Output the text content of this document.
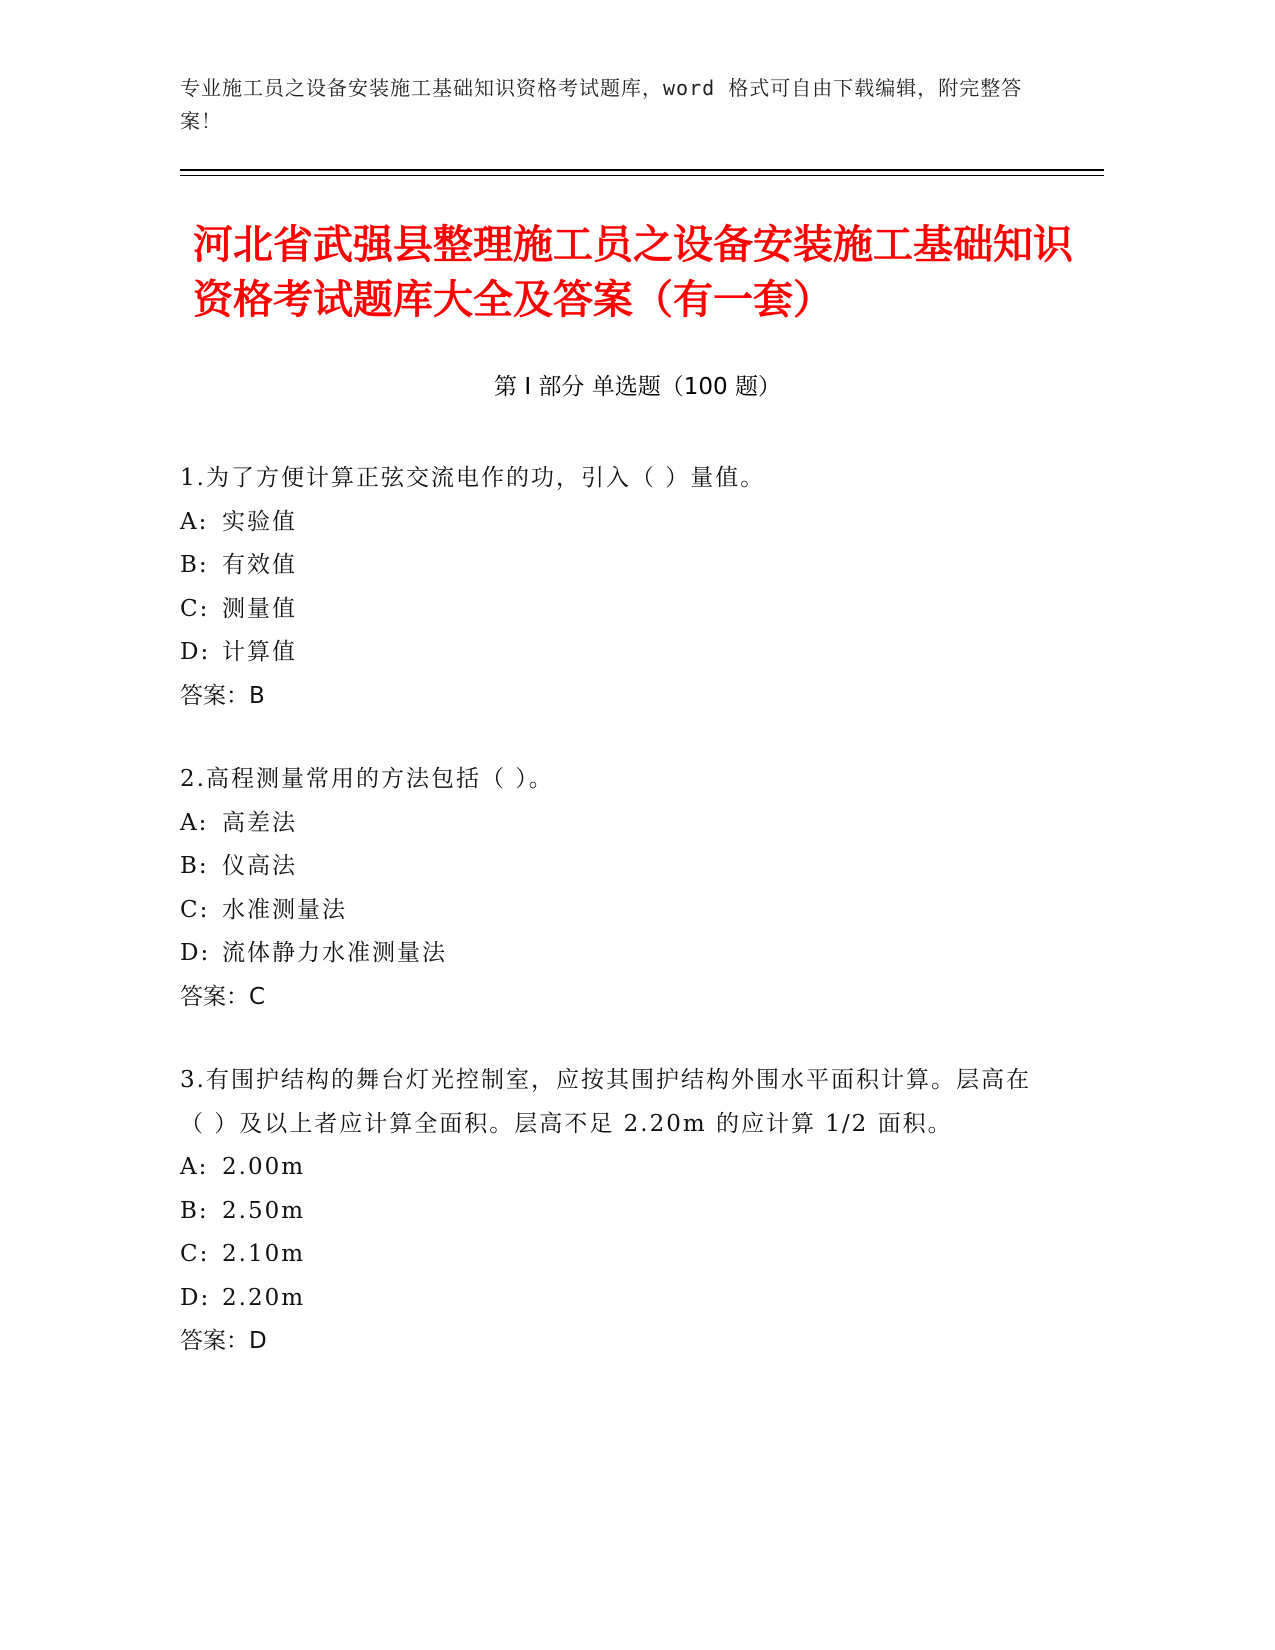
专业施工员之设备安装施工基础知识资格考试题库，word 格式可自由下载编辑，附完整答案！
河北省武强县整理施工员之设备安装施工基础知识资格考试题库大全及答案（有一套）
第 I 部分 单选题（100 题）

1.为了方便计算正弦交流电作的功，引入（ ）量值。

A: 实验值

B: 有效值

C: 测量值

D: 计算值

答案：B

2.高程测量常用的方法包括（ ）。

A: 高差法

B: 仪高法

C: 水准测量法

D: 流体静力水准测量法

答案：C

3.有围护结构的舞台灯光控制室，应按其围护结构外围水平面积计算。层高在（ ）及以上者应计算全面积。层高不足 2.20m 的应计算 1/2 面积。

A: 2.00m

B: 2.50m

C: 2.10m

D: 2.20m

答案：D
